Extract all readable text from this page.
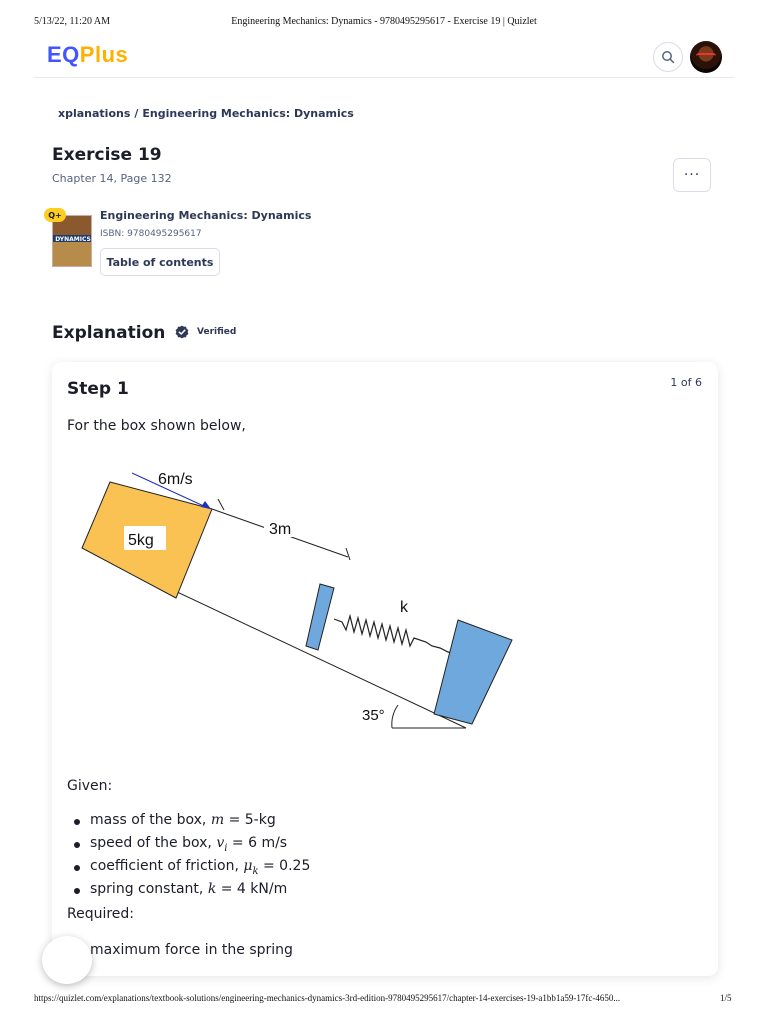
5/13/22, 11:20 AM	Engineering Mechanics: Dynamics - 9780495295617 - Exercise 19 | Quizlet
EQPlus
xplanations / Engineering Mechanics: Dynamics
Exercise 19
Chapter 14, Page 132	···
DYNAMICS
Q+	Engineering Mechanics: Dynamics
ISBN: 9780495295617
Table of contents
Explanation	Verified
Step 1	1 of 6
For the box shown below,
35°
5kg
6m/s
3m
k
Given:
mass of the box, m = 5-kg
speed of the box, $v_i = 6$ m/s
coefficient of friction, $\mu_k = 0.25$
spring constant, k = 4 kN/m
Required:
maximum force in the spring
https://quizlet.com/explanations/textbook-solutions/engineering-mechanics-dynamics-3rd-edition-9780495295617/chapter-14-exercises-19-a1bb1a59-17fc-4650...	1/5
